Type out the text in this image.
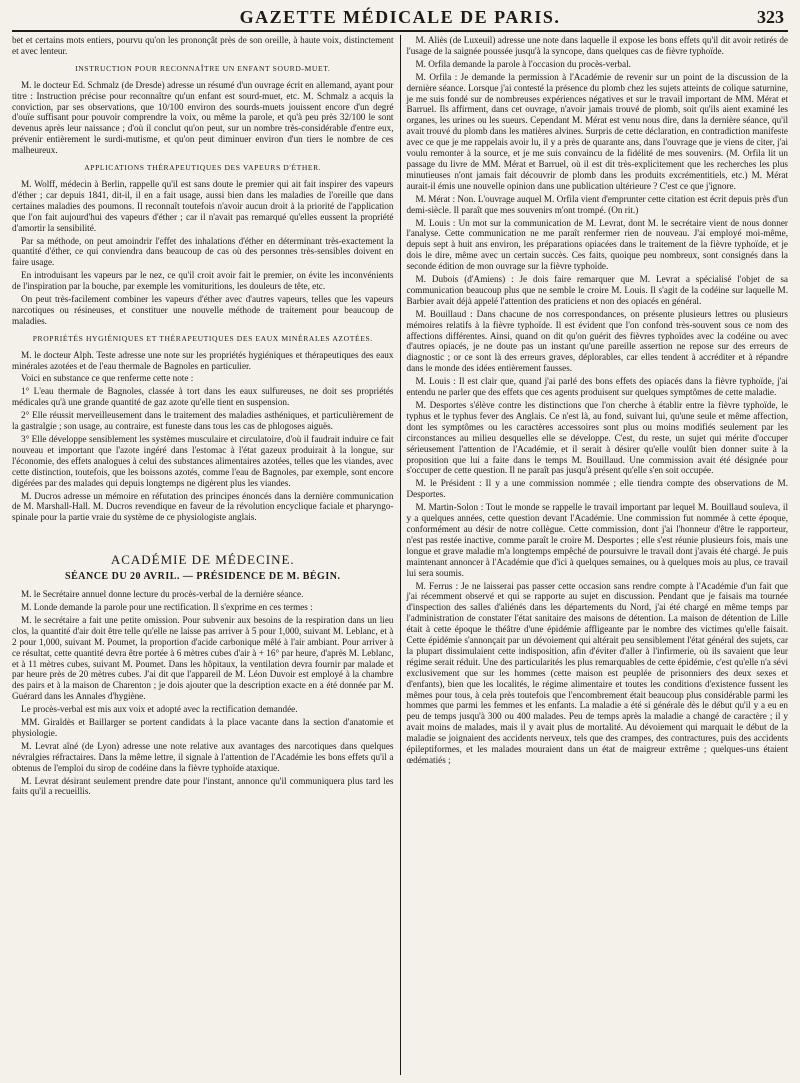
GAZETTE MÉDICALE DE PARIS.	323

bet et certains mots entiers, pourvu qu'on les prononçât près de son oreille, à haute voix, distinctement et avec lenteur.

INSTRUCTION POUR RECONNAÎTRE UN ENFANT SOURD-MUET.

M. le docteur Ed. Schmalz (de Dresde) adresse un résumé d'un ouvrage écrit en allemand, ayant pour titre : Instruction précise pour reconnaître qu'un enfant est sourd-muet, etc. M. Schmalz a acquis la conviction, par ses observations, que 10/100 environ des sourds-muets jouissent encore d'un degré d'ouïe suffisant pour pouvoir comprendre la voix, ou même la parole, et qu'à peu près 32/100 le sont devenus après leur naissance ; d'où il conclut qu'on peut, sur un nombre très-considérable d'entre eux, prévenir entièrement le surdi-mutisme, et qu'on peut diminuer environ d'un tiers le nombre de ces malheureux.

APPLICATIONS THÉRAPEUTIQUES DES VAPEURS D'ÉTHER.

M. Wolff, médecin à Berlin, rappelle qu'il est sans doute le premier qui ait fait inspirer des vapeurs d'éther ; car depuis 1841, dit-il, il en a fait usage, aussi bien dans les maladies de l'oreille que dans certaines maladies des poumons. Il reconnaît toutefois n'avoir aucun droit à la priorité de l'application que l'on fait aujourd'hui des vapeurs d'éther ; car il n'avait pas remarqué qu'elles eussent la propriété d'amortir la sensibilité.

Par sa méthode, on peut amoindrir l'effet des inhalations d'éther en déterminant très-exactement la quantité d'éther, ce qui conviendra dans beaucoup de cas où des personnes très-sensibles doivent en faire usage.

En introduisant les vapeurs par le nez, ce qu'il croit avoir fait le premier, on évite les inconvénients de l'inspiration par la bouche, par exemple les vomituritions, les douleurs de tête, etc.

On peut très-facilement combiner les vapeurs d'éther avec d'autres vapeurs, telles que les vapeurs narcotiques ou résineuses, et constituer une nouvelle méthode de traitement pour beaucoup de maladies.

PROPRIÉTÉS HYGIÉNIQUES ET THÉRAPEUTIQUES DES EAUX MINÉRALES AZOTÉES.

M. le docteur Alph. Teste adresse une note sur les propriétés hygiéniques et thérapeutiques des eaux minérales azotées et de l'eau thermale de Bagnoles en particulier.

Voici en substance ce que renferme cette note :

1° L'eau thermale de Bagnoles, classée à tort dans les eaux sulfureuses, ne doit ses propriétés médicales qu'à une grande quantité de gaz azote qu'elle tient en suspension.

2° Elle réussit merveilleusement dans le traitement des maladies asthéniques, et particulièrement de la gastralgie ; son usage, au contraire, est funeste dans tous les cas de phlogoses aiguës.

3° Elle développe sensiblement les systèmes musculaire et circulatoire, d'où il faudrait induire ce fait nouveau et important que l'azote ingéré dans l'estomac à l'état gazeux produirait à la longue, sur l'économie, des effets analogues à celui des substances alimentaires azotées, telles que les viandes, avec cette distinction, toutefois, que les boissons azotés, comme l'eau de Bagnoles, par exemple, sont encore digérées par des malades qui depuis longtemps ne digèrent plus les viandes.

M. Ducros adresse un mémoire en réfutation des principes énoncés dans la dernière communication de M. Marshall-Hall. M. Ducros revendique en faveur de la révolution encyclique faciale et pharyngo-spinale pour la partie vraie du système de ce physiologiste anglais.

ACADÉMIE DE MÉDECINE.
SÉANCE DU 20 AVRIL. — PRÉSIDENCE DE M. BÉGIN.

M. le Secrétaire annuel donne lecture du procès-verbal de la dernière séance.

M. Londe demande la parole pour une rectification. Il s'exprime en ces termes :

M. le secrétaire a fait une petite omission. Pour subvenir aux besoins de la respiration dans un lieu clos, la quantité d'air doit être telle qu'elle ne laisse pas arriver à 5 pour 1,000, suivant M. Leblanc, et à 2 pour 1,000, suivant M. Poumet, la proportion d'acide carbonique mêlé à l'air ambiant. Pour arriver à ce résultat, cette quantité devra être portée à 6 mètres cubes d'air à + 16° par heure, d'après M. Leblanc, et à 11 mètres cubes, suivant M. Poumet. Dans les hôpitaux, la ventilation devra fournir par malade et par heure près de 20 mètres cubes. J'ai dit que l'appareil de M. Léon Duvoir est employé à la chambre des pairs et à la maison de Charenton ; je dois ajouter que la description exacte en a été donnée par M. Guérard dans les Annales d'hygiène.

Le procès-verbal est mis aux voix et adopté avec la rectification demandée.

MM. Giraldès et Baillarger se portent candidats à la place vacante dans la section d'anatomie et physiologie.

M. Levrat aîné (de Lyon) adresse une note relative aux avantages des narcotiques dans quelques névralgies réfractaires. Dans la même lettre, il signale à l'attention de l'Académie les bons effets qu'il a obtenus de l'emploi du sirop de codéine dans la fièvre typhoïde ataxique.

M. Levrat désirant seulement prendre date pour l'instant, annonce qu'il communiquera plus tard les faits qu'il a recueillis.

M. Aliès (de Luxeuil) adresse une note dans laquelle il expose les bons effets qu'il dit avoir retirés de l'usage de la saignée poussée jusqu'à la syncope, dans quelques cas de fièvre typhoïde.

M. Orfila demande la parole à l'occasion du procès-verbal.

M. Orfila : Je demande la permission à l'Académie de revenir sur un point de la discussion de la dernière séance. Lorsque j'ai contesté la présence du plomb chez les sujets atteints de colique saturnine, je me suis fondé sur de nombreuses expériences négatives et sur le travail important de MM. Mérat et Barruel. Ils affirment, dans cet ouvrage, n'avoir jamais trouvé de plomb, soit qu'ils aient examiné les organes, les urines ou les sueurs. Cependant M. Mérat est venu nous dire, dans la dernière séance, qu'il avait trouvé du plomb dans les matières alvines. Surpris de cette déclaration, en contradiction manifeste avec ce que je me rappelais avoir lu, il y a près de quarante ans, dans l'ouvrage que je viens de citer, j'ai voulu remonter à la source, et je me suis convaincu de la fidélité de mes souvenirs. (M. Orfila lit un passage du livre de MM. Mérat et Barruel, où il est dit très-explicitement que les recherches les plus minutieuses n'ont jamais fait découvrir de plomb dans les produits excrémentitiels, etc.) M. Mérat aurait-il émis une nouvelle opinion dans une publication ultérieure ? C'est ce que j'ignore.

M. Mérat : Non. L'ouvrage auquel M. Orfila vient d'emprunter cette citation est écrit depuis près d'un demi-siècle. Il paraît que mes souvenirs m'ont trompé. (On rit.)

M. Louis : Un mot sur la communication de M. Levrat, dont M. le secrétaire vient de nous donner l'analyse. Cette communication ne me paraît renfermer rien de nouveau. J'ai employé moi-même, depuis sept à huit ans environ, les préparations opiacées dans le traitement de la fièvre typhoïde, et je dois le dire, même avec un certain succès. Ces faits, quoique peu nombreux, sont consignés dans la seconde édition de mon ouvrage sur la fièvre typhoïde.

M. Dubois (d'Amiens) : Je dois faire remarquer que M. Levrat a spécialisé l'objet de sa communication beaucoup plus que ne semble le croire M. Louis. Il s'agit de la codéine sur laquelle M. Barbier avait déjà appelé l'attention des praticiens et non des opiacés en général.

M. Bouillaud : Dans chacune de nos correspondances, on présente plusieurs lettres ou plusieurs mémoires relatifs à la fièvre typhoïde. Il est évident que l'on confond très-souvent sous ce nom des affections différentes. Ainsi, quand on dit qu'on guérit des fièvres typhoïdes avec la codéine ou avec d'autres opiacés, je ne doute pas un instant qu'une pareille assertion ne repose sur des erreurs de diagnostic ; or ce sont là des erreurs graves, déplorables, car elles tendent à accréditer et à répandre dans le monde des idées entièrement fausses.

M. Louis : Il est clair que, quand j'ai parlé des bons effets des opiacés dans la fièvre typhoïde, j'ai entendu ne parler que des effets que ces agents produisent sur quelques symptômes de cette maladie.

M. Desportes s'élève contre les distinctions que l'on cherche à établir entre la fièvre typhoïde, le typhus et le typhus fever des Anglais. Ce n'est là, au fond, suivant lui, qu'une seule et même affection, dont les symptômes ou les caractères accessoires sont plus ou moins modifiés seulement par les circonstances au milieu desquelles elle se développe. C'est, du reste, un sujet qui mérite d'occuper sérieusement l'attention de l'Académie, et il serait à désirer qu'elle voulût bien donner suite à la proposition que lui a faite dans le temps M. Bouillaud. Une commission avait été désignée pour s'occuper de cette question. Il ne paraît pas jusqu'à présent qu'elle s'en soit occupée.

M. le Président : Il y a une commission nommée ; elle tiendra compte des observations de M. Desportes.

M. Martin-Solon : Tout le monde se rappelle le travail important par lequel M. Bouillaud souleva, il y a quelques années, cette question devant l'Académie. Une commission fut nommée à cette époque, conformément au désir de notre collègue. Cette commission, dont j'ai l'honneur d'être le rapporteur, n'est pas restée inactive, comme paraît le croire M. Desportes ; elle s'est réunie plusieurs fois, mais une longue et grave maladie m'a longtemps empêché de poursuivre le travail dont j'avais été chargé. Je puis maintenant annoncer à l'Académie que d'ici à quelques semaines, ou à quelques mois au plus, ce travail lui sera soumis.

M. Ferrus : Je ne laisserai pas passer cette occasion sans rendre compte à l'Académie d'un fait que j'ai récemment observé et qui se rapporte au sujet en discussion. Pendant que je faisais ma tournée d'inspection des salles d'aliénés dans les départements du Nord, j'ai été chargé en même temps par l'administration de constater l'état sanitaire des maisons de détention. La maison de détention de Lille était à cette époque le théâtre d'une épidémie affligeante par le nombre des victimes qu'elle faisait. Cette épidémie s'annonçait par un dévoiement qui altérait peu sensiblement l'état général des sujets, car la plupart dissimulaient cette indisposition, afin d'éviter d'aller à l'infirmerie, où ils savaient que leur régime serait réduit. Une des particularités les plus remarquables de cette épidémie, c'est qu'elle n'a sévi exclusivement que sur les hommes (cette maison est peuplée de prisonniers des deux sexes et d'enfants), bien que les localités, le régime alimentaire et toutes les conditions d'existence fussent les mêmes pour tous, à cela près toutefois que l'encombrement était beaucoup plus considérable parmi les hommes que parmi les femmes et les enfants. La maladie a été si générale dès le début qu'il y a eu en peu de temps jusqu'à 300 ou 400 malades. Peu de temps après la maladie a changé de caractère ; il y avait moins de malades, mais il y avait plus de mortalité. Au dévoiement qui marquait le début de la maladie se joignaient des accidents nerveux, tels que des crampes, des contractures, puis des accidents épileptiformes, et les malades mouraient dans un état de maigreur extrême ; quelques-uns étaient œdématiés ;
